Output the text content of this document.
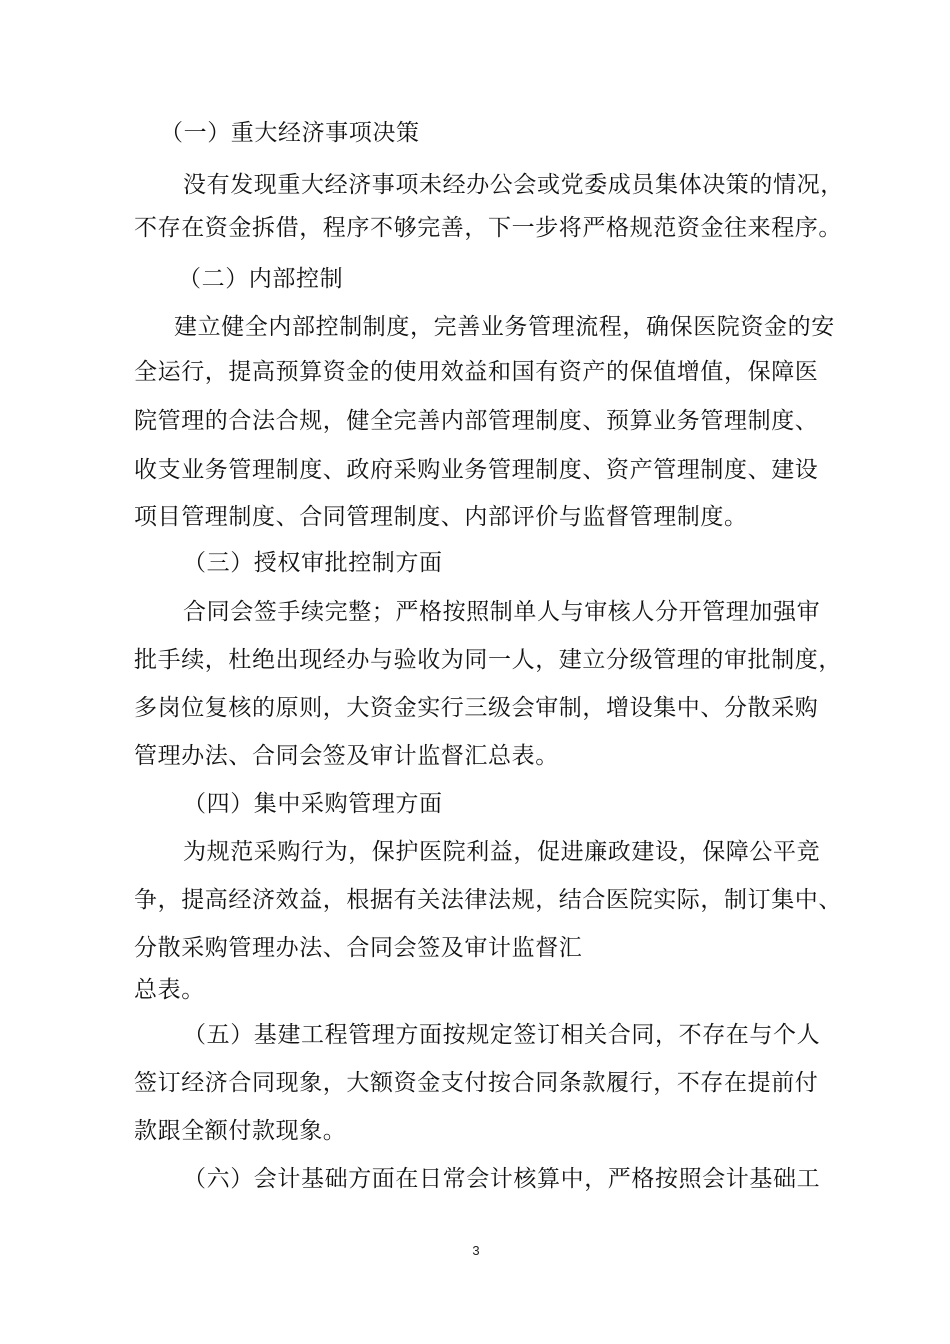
（一）重大经济事项决策
没有发现重大经济事项未经办公会或党委成员集体决策的情况，
不存在资金拆借，程序不够完善，下一步将严格规范资金往来程序。
（二）内部控制
建立健全内部控制制度，完善业务管理流程，确保医院资金的安
全运行，提高预算资金的使用效益和国有资产的保值增值，保障医
院管理的合法合规，健全完善内部管理制度、预算业务管理制度、
收支业务管理制度、政府采购业务管理制度、资产管理制度、建设
项目管理制度、合同管理制度、内部评价与监督管理制度。
（三）授权审批控制方面
合同会签手续完整；严格按照制单人与审核人分开管理加强审
批手续，杜绝出现经办与验收为同一人，建立分级管理的审批制度，
多岗位复核的原则，大资金实行三级会审制，增设集中、分散采购
管理办法、合同会签及审计监督汇总表。
（四）集中采购管理方面
为规范采购行为，保护医院利益，促进廉政建设，保障公平竞
争，提高经济效益，根据有关法律法规，结合医院实际，制订集中、
分散采购管理办法、合同会签及审计监督汇
总表。
（五）基建工程管理方面按规定签订相关合同，不存在与个人
签订经济合同现象，大额资金支付按合同条款履行，不存在提前付
款跟全额付款现象。
（六）会计基础方面在日常会计核算中，严格按照会计基础工
3
